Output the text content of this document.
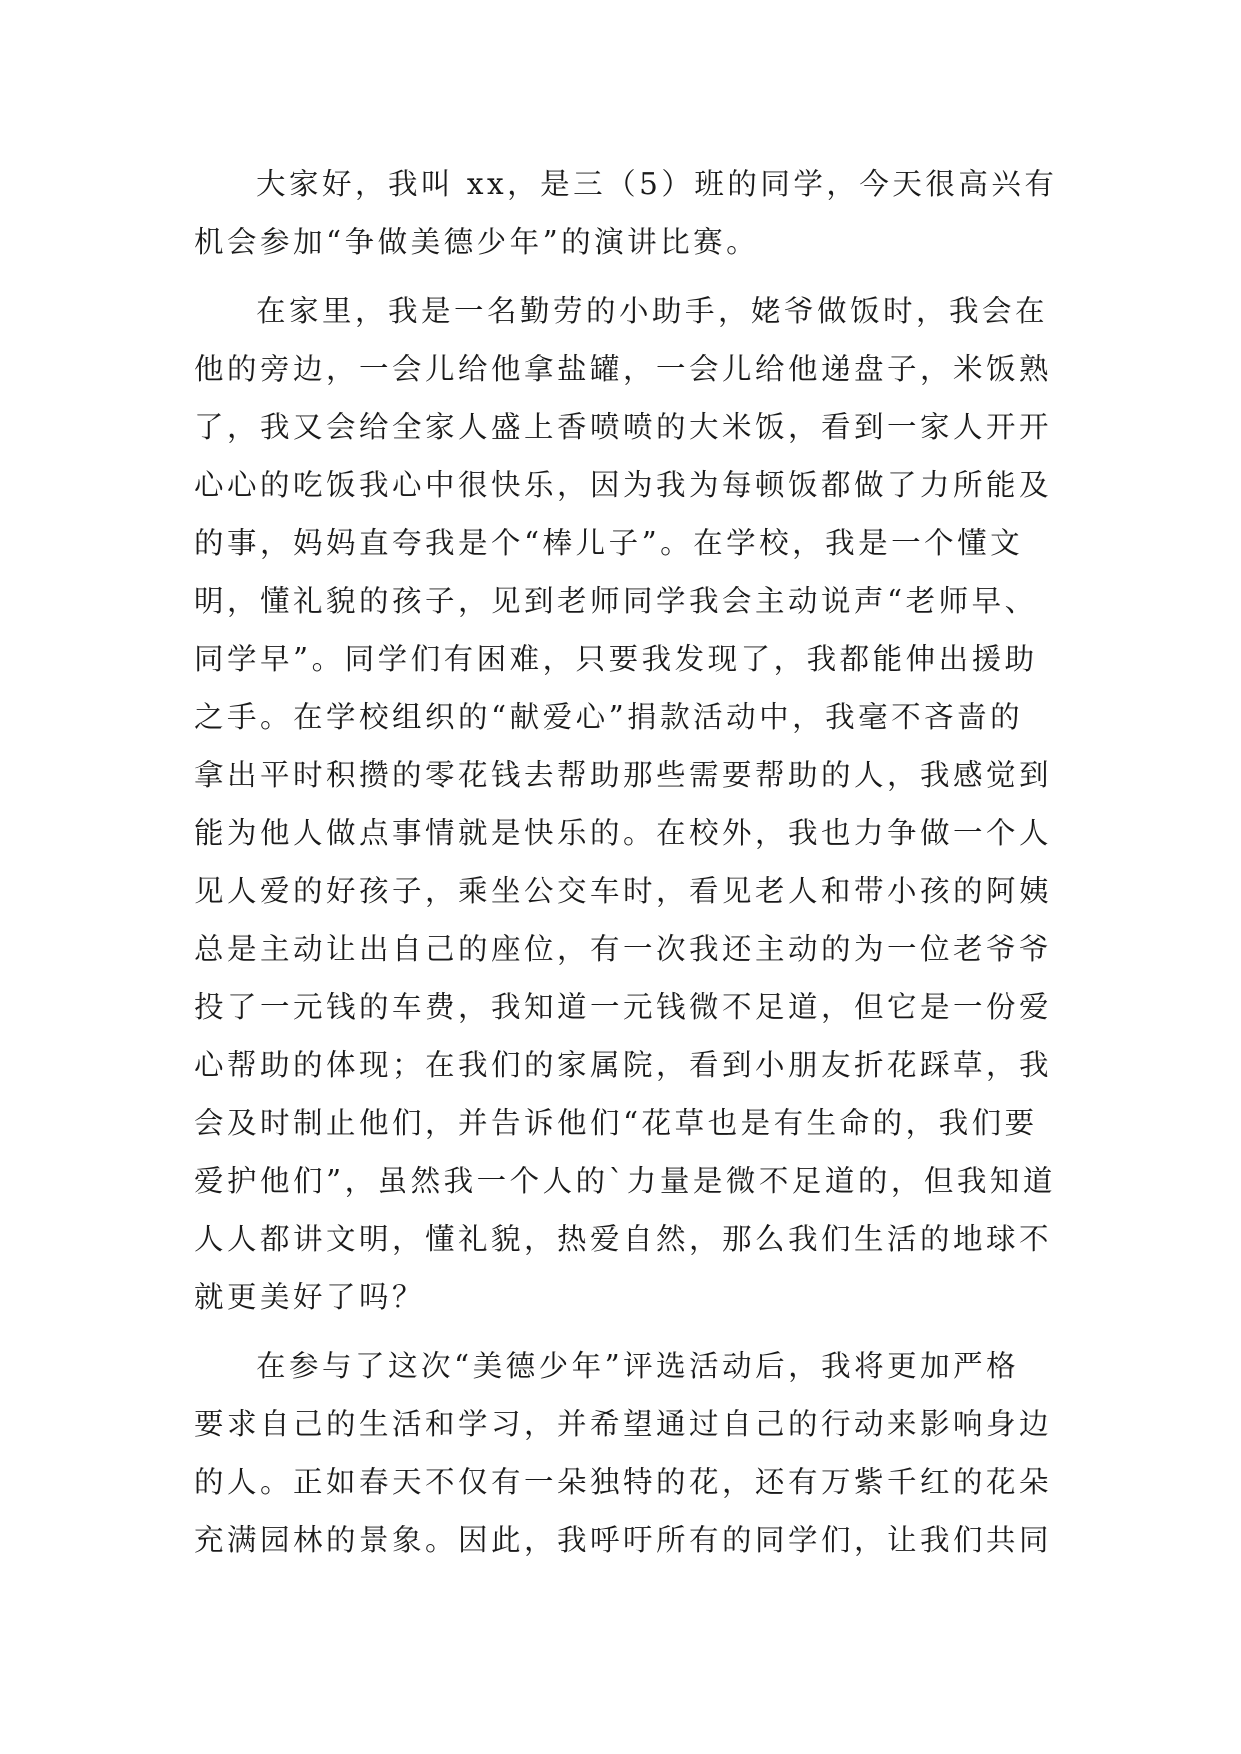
大家好，我叫 xx，是三（5）班的同学，今天很高兴有
机会参加“争做美德少年”的演讲比赛。
在家里，我是一名勤劳的小助手，姥爷做饭时，我会在
他的旁边，一会儿给他拿盐罐，一会儿给他递盘子，米饭熟
了，我又会给全家人盛上香喷喷的大米饭，看到一家人开开
心心的吃饭我心中很快乐，因为我为每顿饭都做了力所能及
的事，妈妈直夸我是个“棒儿子”。在学校，我是一个懂文
明，懂礼貌的孩子，见到老师同学我会主动说声“老师早、
同学早”。同学们有困难，只要我发现了，我都能伸出援助
之手。在学校组织的“献爱心”捐款活动中，我毫不吝啬的
拿出平时积攒的零花钱去帮助那些需要帮助的人，我感觉到
能为他人做点事情就是快乐的。在校外，我也力争做一个人
见人爱的好孩子，乘坐公交车时，看见老人和带小孩的阿姨
总是主动让出自己的座位，有一次我还主动的为一位老爷爷
投了一元钱的车费，我知道一元钱微不足道，但它是一份爱
心帮助的体现；在我们的家属院，看到小朋友折花踩草，我
会及时制止他们，并告诉他们“花草也是有生命的，我们要
爱护他们”，虽然我一个人的`力量是微不足道的，但我知道
人人都讲文明，懂礼貌，热爱自然，那么我们生活的地球不
就更美好了吗？
在参与了这次“美德少年”评选活动后，我将更加严格
要求自己的生活和学习，并希望通过自己的行动来影响身边
的人。正如春天不仅有一朵独特的花，还有万紫千红的花朵
充满园林的景象。因此，我呼吁所有的同学们，让我们共同
